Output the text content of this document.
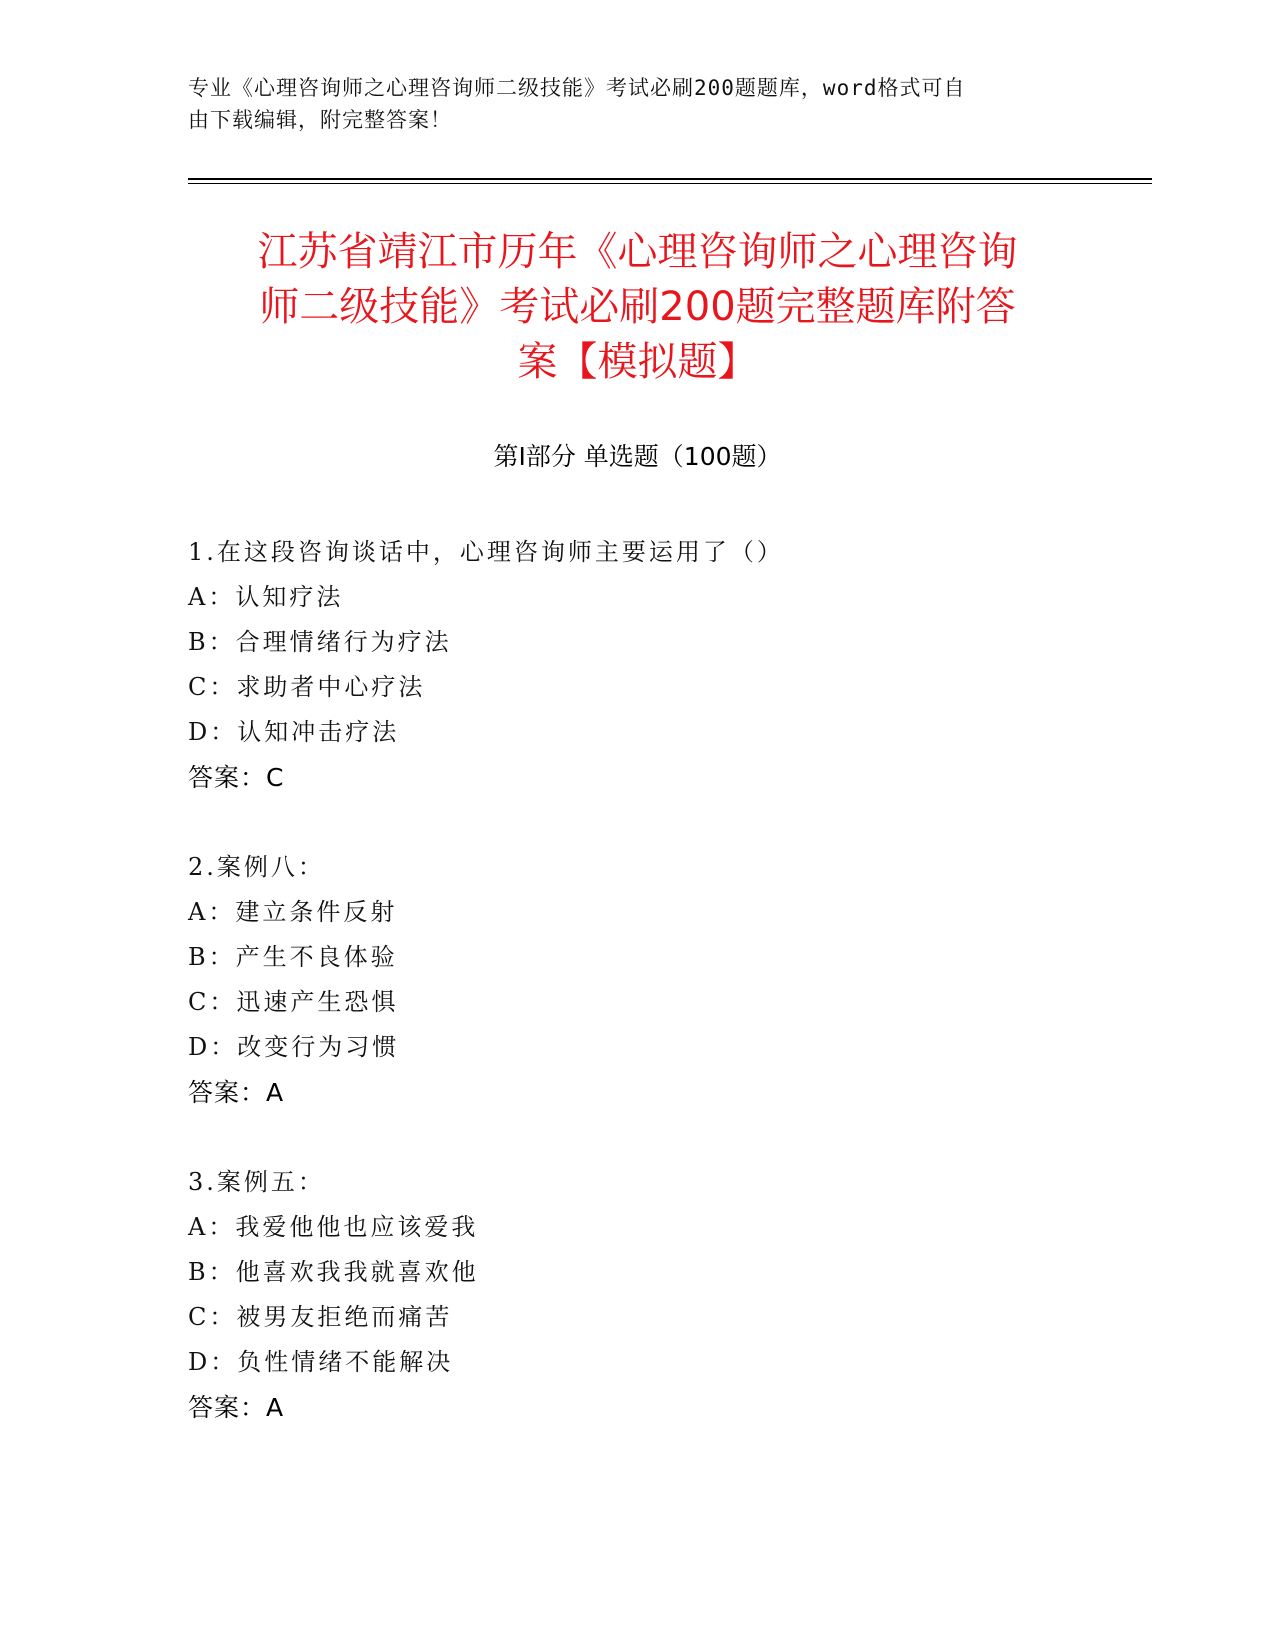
专业《心理咨询师之心理咨询师二级技能》考试必刷200题题库，word格式可自
由下载编辑，附完整答案！
江苏省靖江市历年《心理咨询师之心理咨询
师二级技能》考试必刷200题完整题库附答
案【模拟题】
第Ⅰ部分 单选题（100题）
1.在这段咨询谈话中，心理咨询师主要运用了（）
A：认知疗法
B：合理情绪行为疗法
C：求助者中心疗法
D：认知冲击疗法
答案：C
2.案例八：
A：建立条件反射
B：产生不良体验
C：迅速产生恐惧
D：改变行为习惯
答案：A
3.案例五：
A：我爱他他也应该爱我
B：他喜欢我我就喜欢他
C：被男友拒绝而痛苦
D：负性情绪不能解决
答案：A
